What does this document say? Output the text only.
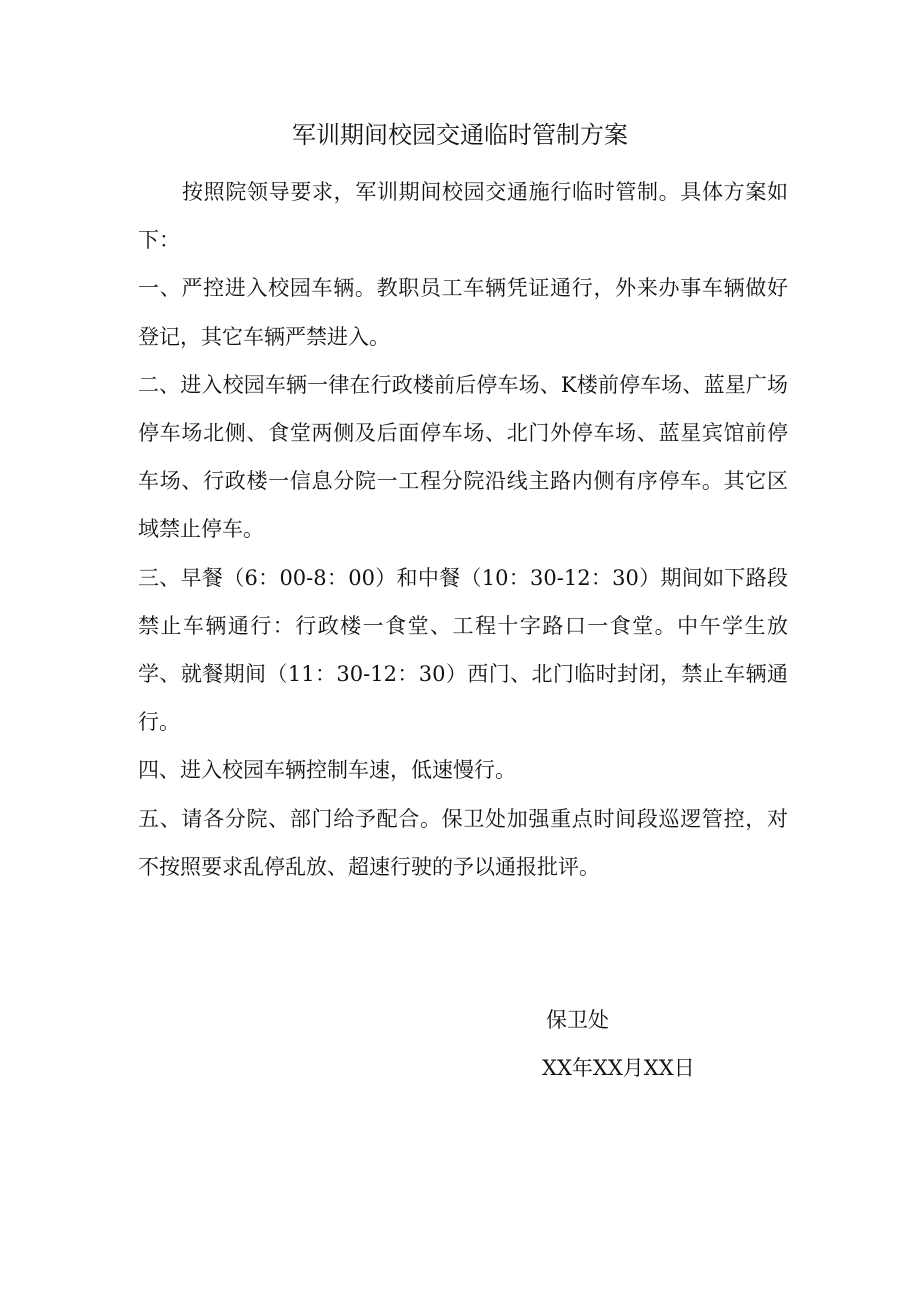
军训期间校园交通临时管制方案

按照院领导要求，军训期间校园交通施行临时管制。具体方案如下：

一、严控进入校园车辆。教职员工车辆凭证通行，外来办事车辆做好登记，其它车辆严禁进入。

二、进入校园车辆一律在行政楼前后停车场、K楼前停车场、蓝星广场停车场北侧、食堂两侧及后面停车场、北门外停车场、蓝星宾馆前停车场、行政楼一信息分院一工程分院沿线主路内侧有序停车。其它区域禁止停车。

三、早餐（6：00-8：00）和中餐（10：30-12：30）期间如下路段禁止车辆通行：行政楼一食堂、工程十字路口一食堂。中午学生放学、就餐期间（11：30-12：30）西门、北门临时封闭，禁止车辆通行。

四、进入校园车辆控制车速，低速慢行。

五、请各分院、部门给予配合。保卫处加强重点时间段巡逻管控，对不按照要求乱停乱放、超速行驶的予以通报批评。

保卫处
XX年XX月XX日
